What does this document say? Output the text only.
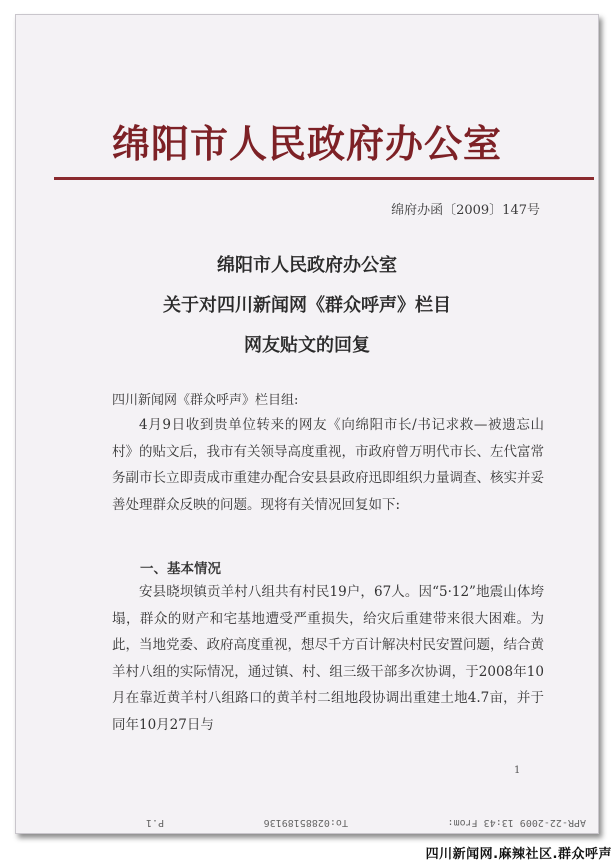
绵阳市人民政府办公室
绵府办函〔2009〕147号
绵阳市人民政府办公室
关于对四川新闻网《群众呼声》栏目
网友贴文的回复
四川新闻网《群众呼声》栏目组:

4月9日收到贵单位转来的网友《向绵阳市长/书记求救—被遗忘山村》的贴文后，我市有关领导高度重视，市政府曾万明代市长、左代富常务副市长立即责成市重建办配合安县县政府迅即组织力量调查、核实并妥善处理群众反映的问题。现将有关情况回复如下:

一、基本情况

安县晓坝镇贡羊村八组共有村民19户，67人。因“5·12”地震山体垮塌，群众的财产和宅基地遭受严重损失，给灾后重建带来很大困难。为此，当地党委、政府高度重视，想尽千方百计解决村民安置问题，结合黄羊村八组的实际情况，通过镇、村、组三级干部多次协调，于2008年10月在靠近黄羊村八组路口的黄羊村二组地段协调出重建土地4.7亩，并于同年10月27日与

1
APR-22-2009 13:43 From:
To:028851891​36
P.1
四川新闻网.麻辣社区.群众呼声
